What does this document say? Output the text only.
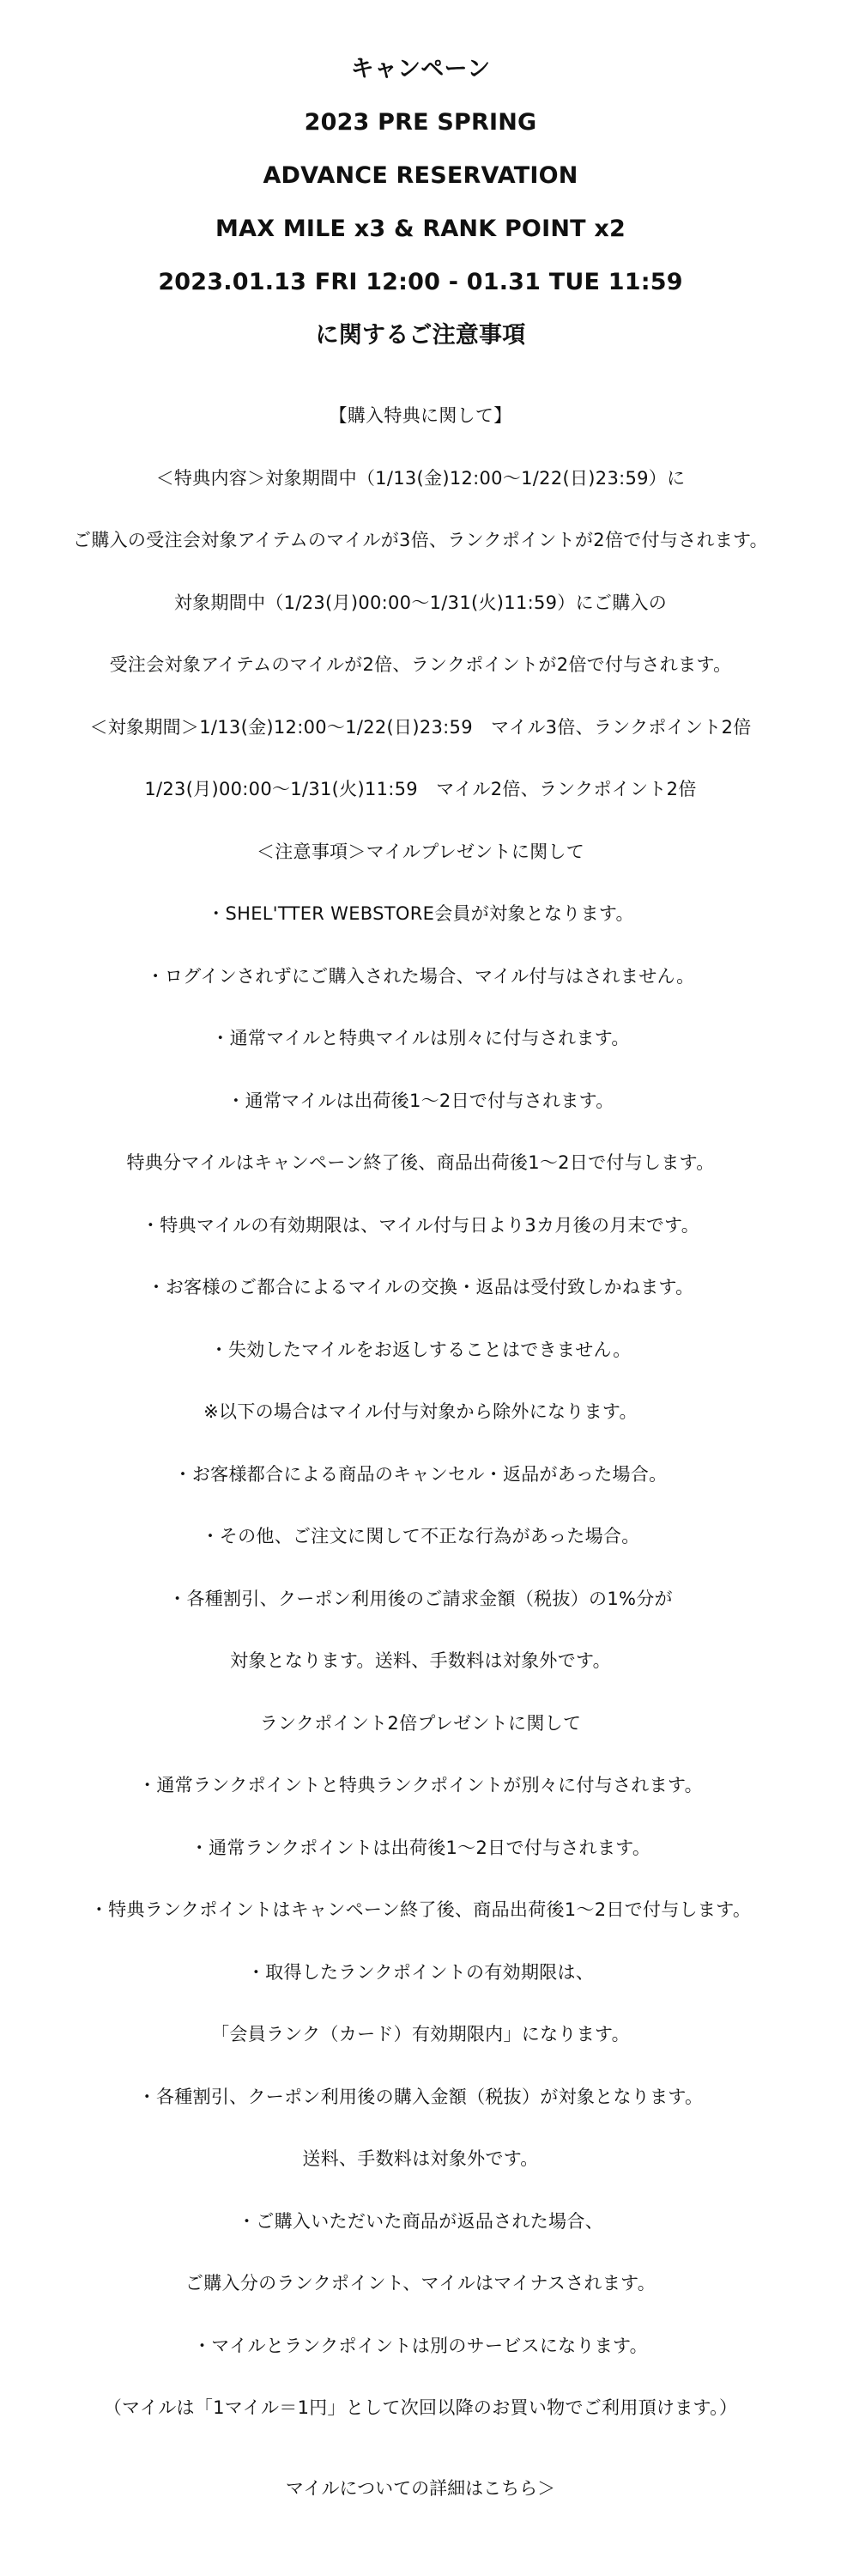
キャンペーン
2023 PRE SPRING
ADVANCE RESERVATION
MAX MILE x3 & RANK POINT x2
2023.01.13 FRI 12:00 - 01.31 TUE 11:59
に関するご注意事項
【購入特典に関して】
＜特典内容＞対象期間中（1/13(金)12:00〜1/22(日)23:59）に
ご購入の受注会対象アイテムのマイルが3倍、ランクポイントが2倍で付与されます。
対象期間中（1/23(月)00:00〜1/31(火)11:59）にご購入の
受注会対象アイテムのマイルが2倍、ランクポイントが2倍で付与されます。
＜対象期間＞1/13(金)12:00〜1/22(日)23:59　マイル3倍、ランクポイント2倍
1/23(月)00:00〜1/31(火)11:59　マイル2倍、ランクポイント2倍
＜注意事項＞マイルプレゼントに関して
・SHEL'TTER WEBSTORE会員が対象となります。
・ログインされずにご購入された場合、マイル付与はされません。
・通常マイルと特典マイルは別々に付与されます。
・通常マイルは出荷後1〜2日で付与されます。
特典分マイルはキャンペーン終了後、商品出荷後1〜2日で付与します。
・特典マイルの有効期限は、マイル付与日より3カ月後の月末です。
・お客様のご都合によるマイルの交換・返品は受付致しかねます。
・失効したマイルをお返しすることはできません。
※以下の場合はマイル付与対象から除外になります。
・お客様都合による商品のキャンセル・返品があった場合。
・その他、ご注文に関して不正な行為があった場合。
・各種割引、クーポン利用後のご請求金額（税抜）の1%分が
対象となります。送料、手数料は対象外です。
ランクポイント2倍プレゼントに関して
・通常ランクポイントと特典ランクポイントが別々に付与されます。
・通常ランクポイントは出荷後1〜2日で付与されます。
・特典ランクポイントはキャンペーン終了後、商品出荷後1〜2日で付与します。
・取得したランクポイントの有効期限は、
「会員ランク（カード）有効期限内」になります。
・各種割引、クーポン利用後の購入金額（税抜）が対象となります。
送料、手数料は対象外です。
・ご購入いただいた商品が返品された場合、
ご購入分のランクポイント、マイルはマイナスされます。
・マイルとランクポイントは別のサービスになります。
（マイルは「1マイル＝1円」として次回以降のお買い物でご利用頂けます。）
マイルについての詳細はこちら＞
